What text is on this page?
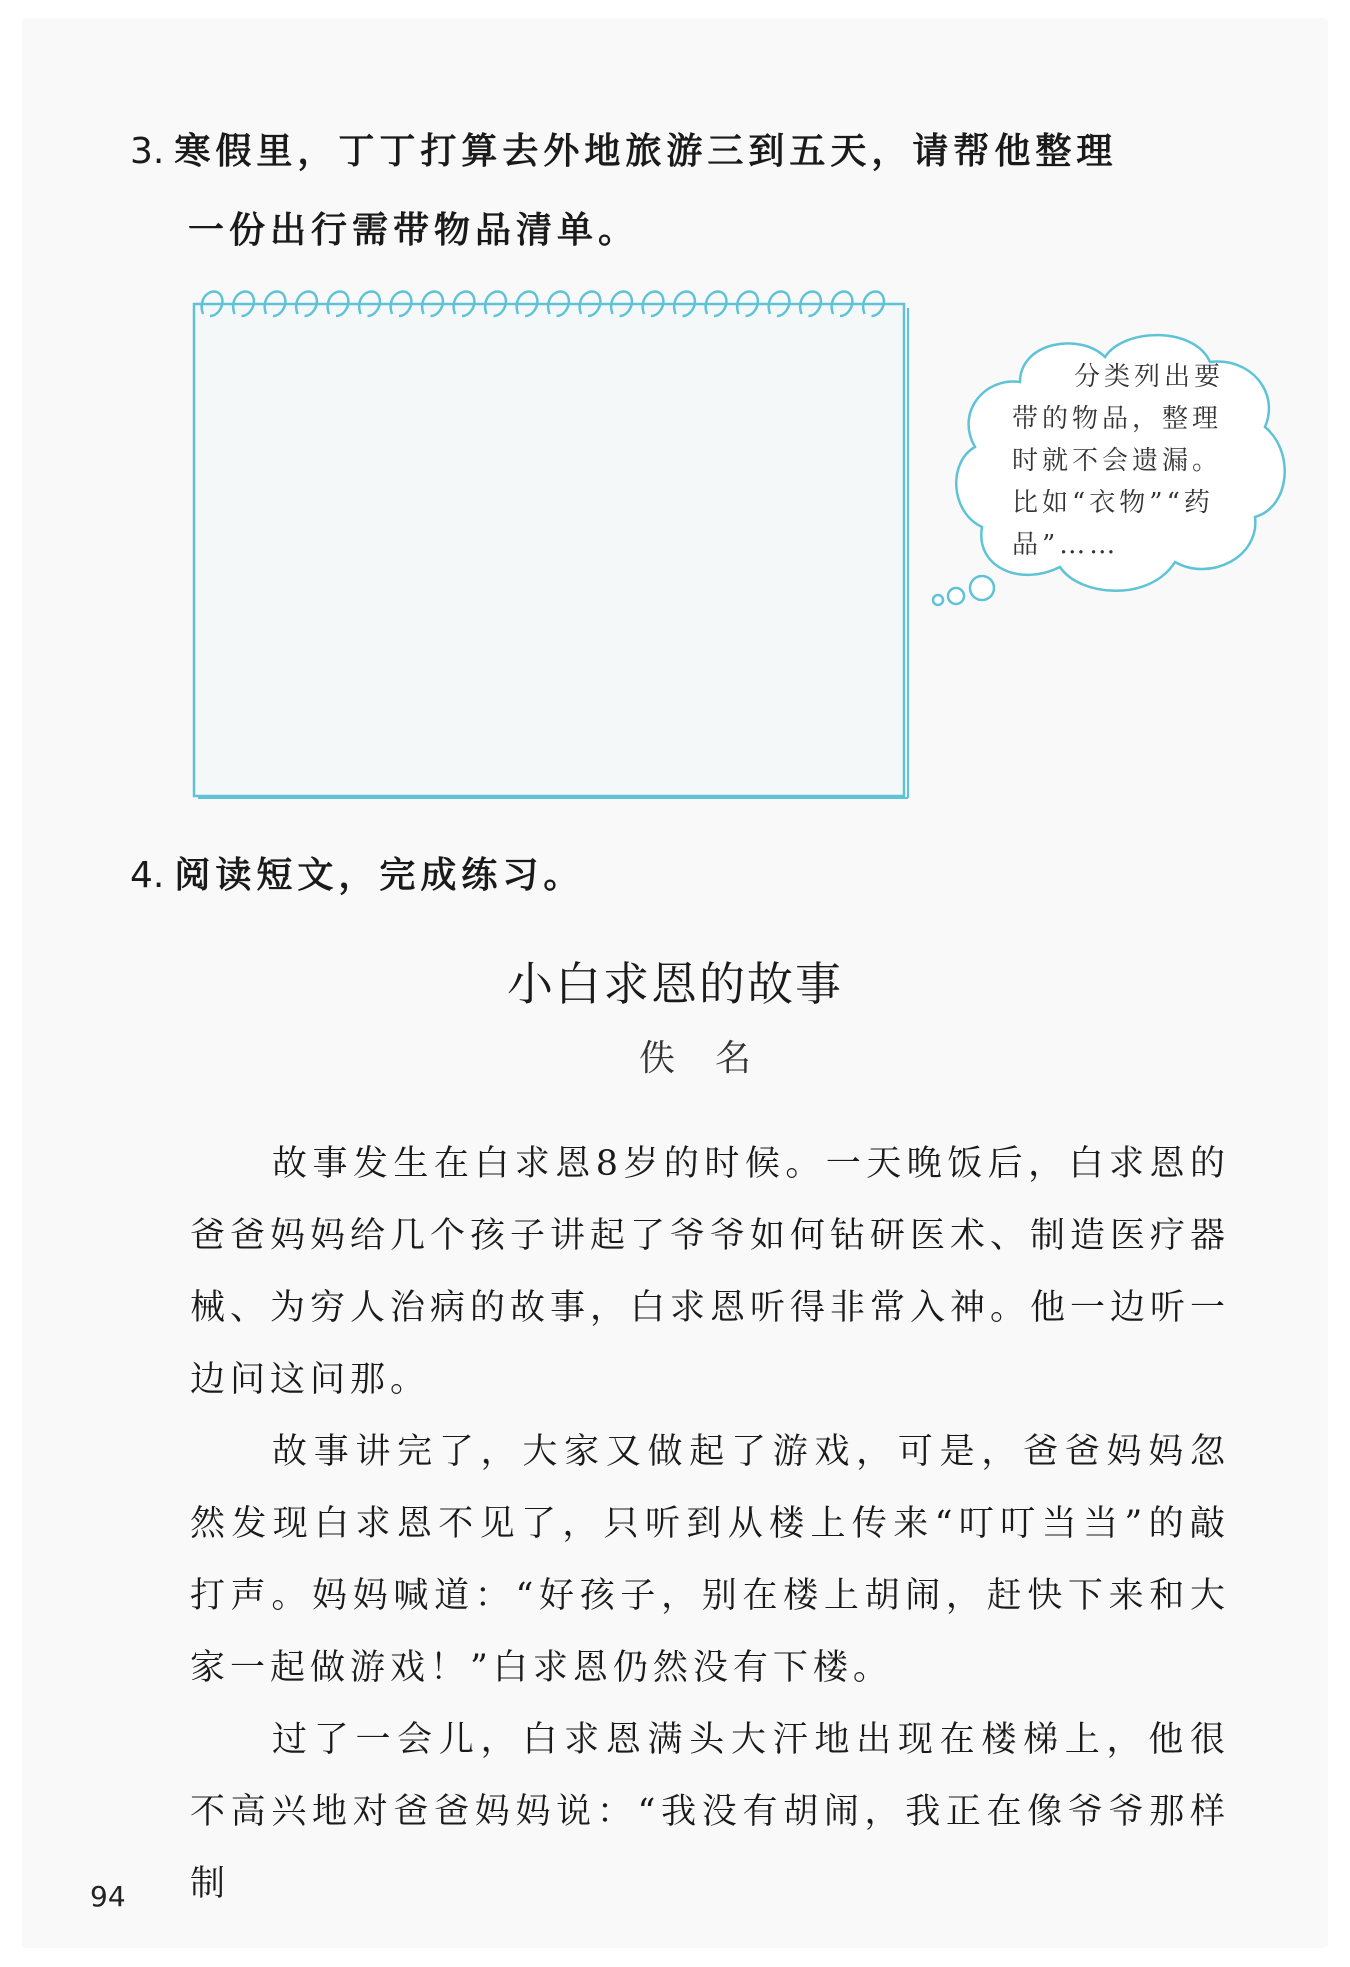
3. 寒假里，丁丁打算去外地旅游三到五天，请帮他整理
一份出行需带物品清单。
分类列出要
带的物品，整理
时就不会遗漏。
比如“衣物”“药
品”……
4. 阅读短文，完成练习。
小白求恩的故事
佚名
故事发生在白求恩8岁的时候。一天晚饭后，白求恩的爸爸妈妈给几个孩子讲起了爷爷如何钻研医术、制造医疗器械、为穷人治病的故事，白求恩听得非常入神。他一边听一边问这问那。
故事讲完了，大家又做起了游戏，可是，爸爸妈妈忽然发现白求恩不见了，只听到从楼上传来“叮叮当当”的敲打声。妈妈喊道：“好孩子，别在楼上胡闹，赶快下来和大家一起做游戏！”白求恩仍然没有下楼。
过了一会儿，白求恩满头大汗地出现在楼梯上，他很不高兴地对爸爸妈妈说：“我没有胡闹，我正在像爷爷那样制
94
